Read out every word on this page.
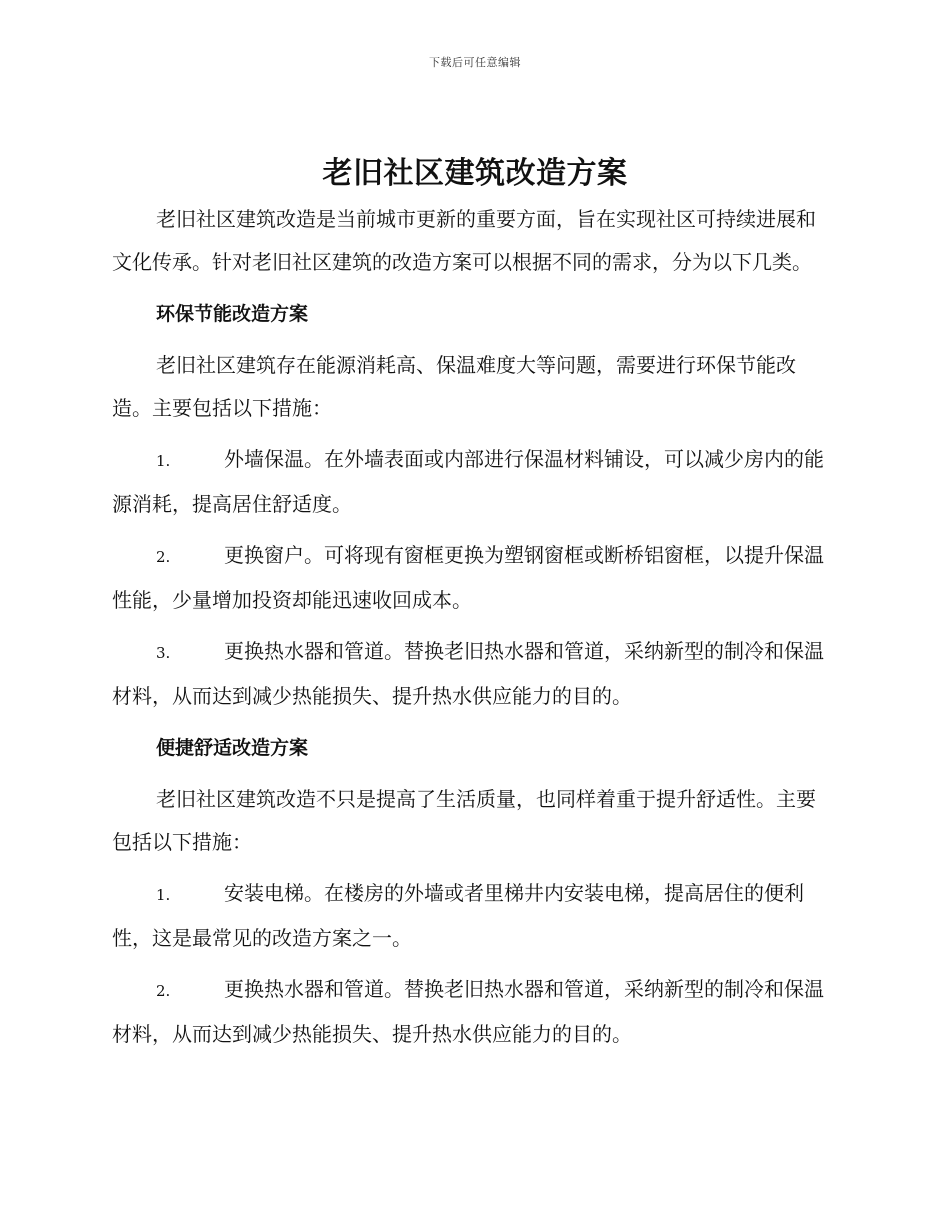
下载后可任意编辑
老旧社区建筑改造方案

老旧社区建筑改造是当前城市更新的重要方面，旨在实现社区可持续进展和文化传承。针对老旧社区建筑的改造方案可以根据不同的需求，分为以下几类。

环保节能改造方案

老旧社区建筑存在能源消耗高、保温难度大等问题，需要进行环保节能改造。主要包括以下措施：

1.	外墙保温。在外墙表面或内部进行保温材料铺设，可以减少房内的能源消耗，提高居住舒适度。
2.	更换窗户。可将现有窗框更换为塑钢窗框或断桥铝窗框，以提升保温性能，少量增加投资却能迅速收回成本。
3.	更换热水器和管道。替换老旧热水器和管道，采纳新型的制冷和保温材料，从而达到减少热能损失、提升热水供应能力的目的。
便捷舒适改造方案

老旧社区建筑改造不只是提高了生活质量，也同样着重于提升舒适性。主要包括以下措施：

1.	安装电梯。在楼房的外墙或者里梯井内安装电梯，提高居住的便利性，这是最常见的改造方案之一。
2.	更换热水器和管道。替换老旧热水器和管道，采纳新型的制冷和保温材料，从而达到减少热能损失、提升热水供应能力的目的。
